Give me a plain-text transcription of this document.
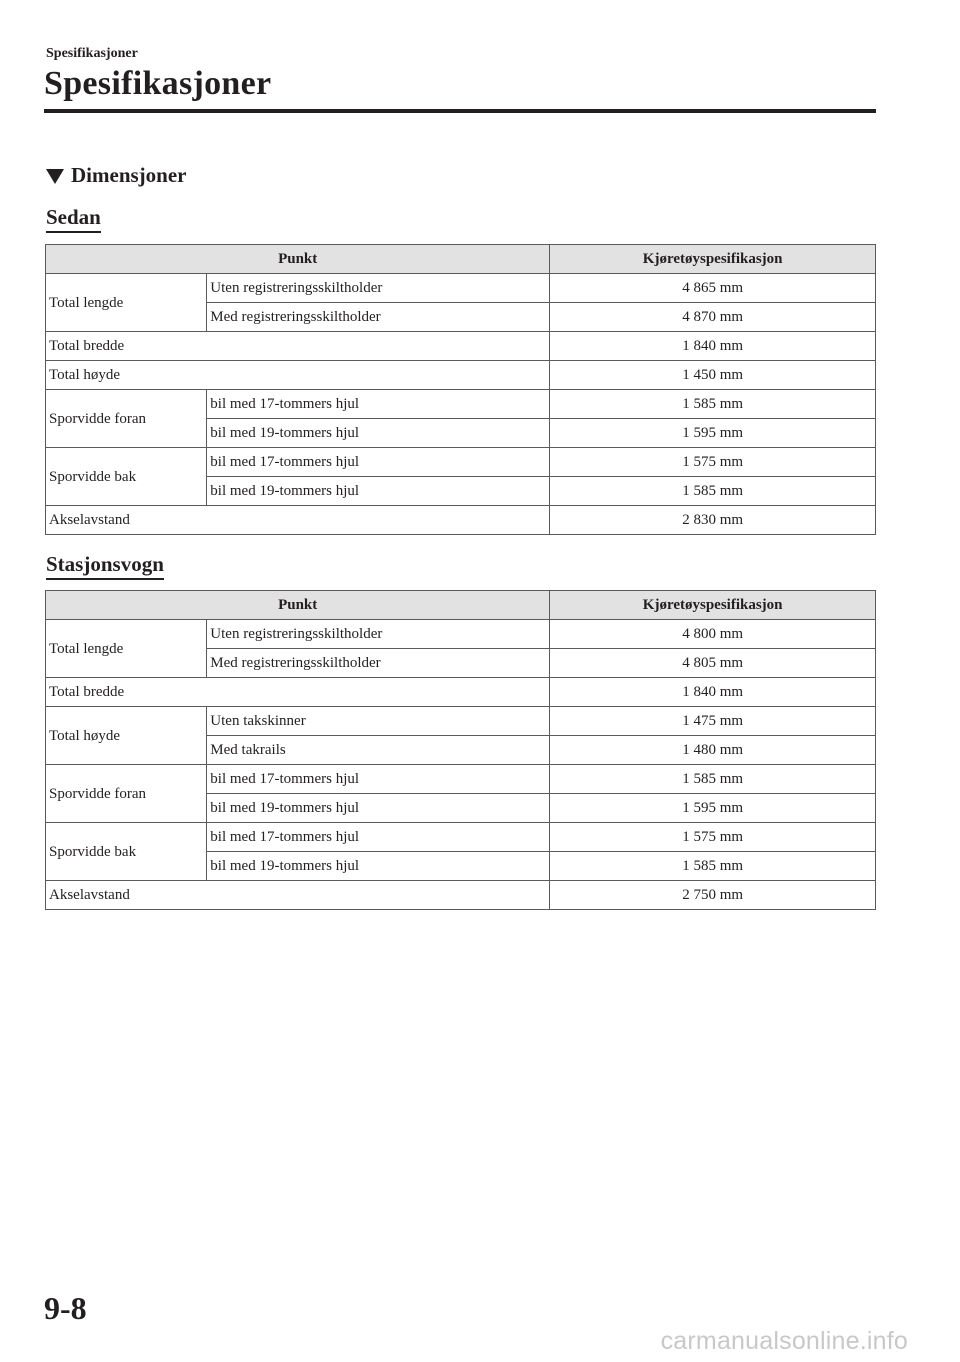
Spesifikasjoner
Spesifikasjoner
Dimensjoner
Sedan
Punkt		Kjøretøyspesifikasjon
Total lengde	Uten registreringsskiltholder	4 865 mm
	Med registreringsskiltholder	4 870 mm
Total bredde		1 840 mm
Total høyde		1 450 mm
Sporvidde foran	bil med 17-tommers hjul	1 585 mm
	bil med 19-tommers hjul	1 595 mm
Sporvidde bak	bil med 17-tommers hjul	1 575 mm
	bil med 19-tommers hjul	1 585 mm
Akselavstand		2 830 mm
Stasjonsvogn
Punkt		Kjøretøyspesifikasjon
Total lengde	Uten registreringsskiltholder	4 800 mm
	Med registreringsskiltholder	4 805 mm
Total bredde		1 840 mm
Total høyde	Uten takskinner	1 475 mm
	Med takrails	1 480 mm
Sporvidde foran	bil med 17-tommers hjul	1 585 mm
	bil med 19-tommers hjul	1 595 mm
Sporvidde bak	bil med 17-tommers hjul	1 575 mm
	bil med 19-tommers hjul	1 585 mm
Akselavstand		2 750 mm
9-8
carmanualsonline.info
